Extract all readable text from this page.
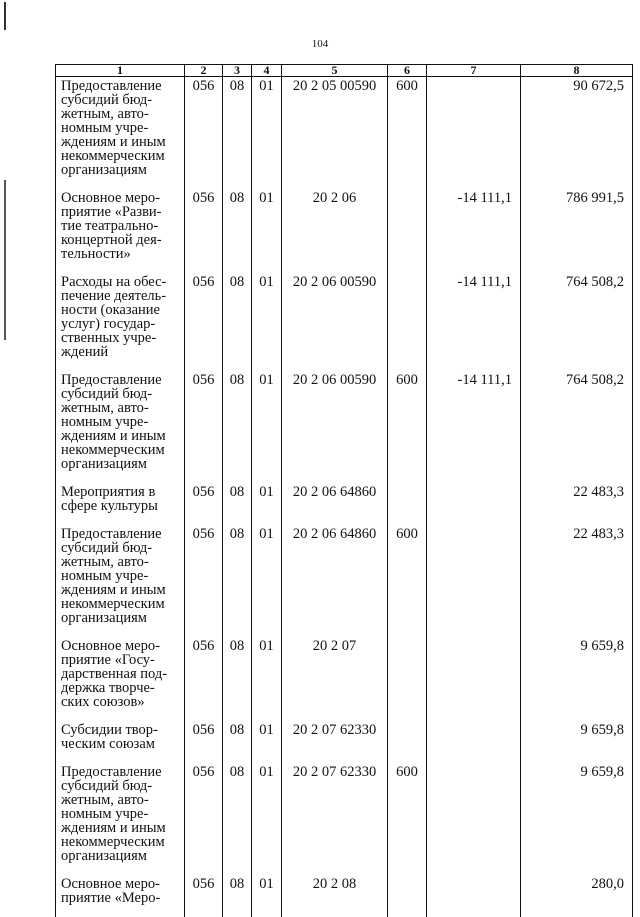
104
1	2	3	4	5	6	7	8
Предоставление субсидий бюд-жетным, авто-номным учре-ждениям и иным некоммерческим организациям	056	08	01	20 2 05 00590	600		90 672,5
Основное меро-приятие «Разви-тие театрально-концертной дея-тельности»	056	08	01	20 2 06		-14 111,1	786 991,5
Расходы на обес-печение деятель-ности (оказание услуг) государ-ственных учре-ждений	056	08	01	20 2 06 00590		-14 111,1	764 508,2
Предоставление субсидий бюд-жетным, авто-номным учре-ждениям и иным некоммерческим организациям	056	08	01	20 2 06 00590	600	-14 111,1	764 508,2
Мероприятия в сфере культуры	056	08	01	20 2 06 64860			22 483,3
Предоставление субсидий бюд-жетным, авто-номным учре-ждениям и иным некоммерческим организациям	056	08	01	20 2 06 64860	600		22 483,3
Основное меро-приятие «Госу-дарственная под-держка творче-ских союзов»	056	08	01	20 2 07			9 659,8
Субсидии твор-ческим союзам	056	08	01	20 2 07 62330			9 659,8
Предоставление субсидий бюд-жетным, авто-номным учре-ждениям и иным некоммерческим организациям	056	08	01	20 2 07 62330	600		9 659,8
Основное меро-приятие «Меро-	056	08	01	20 2 08			280,0
